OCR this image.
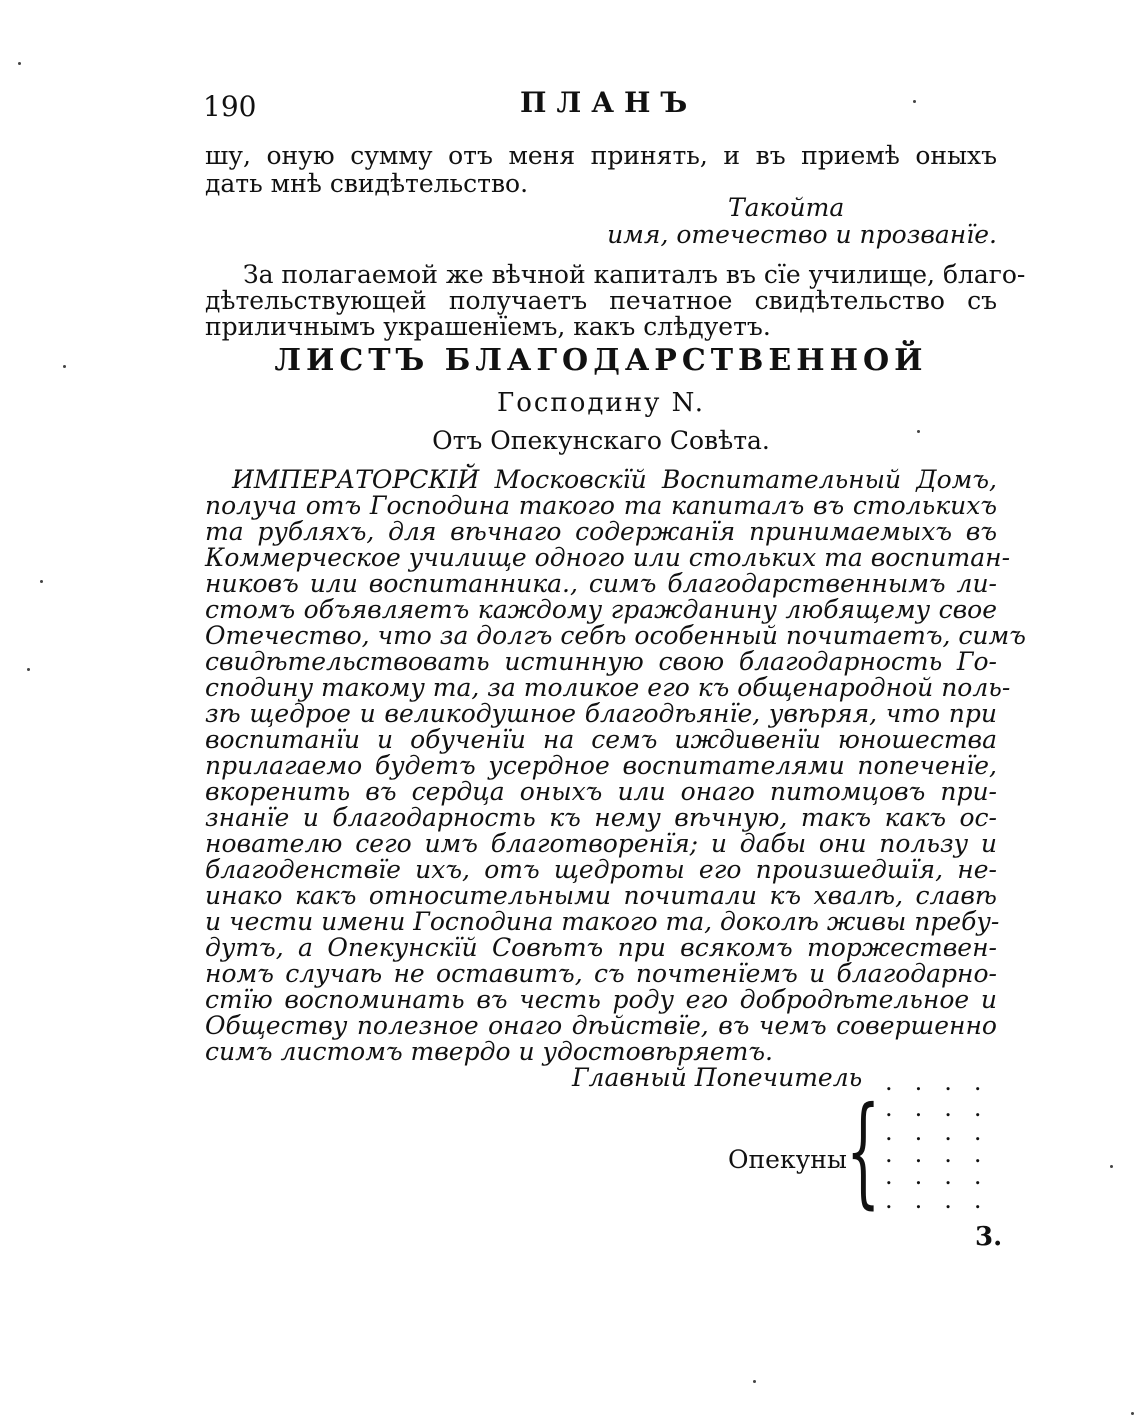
190	ПЛАНЪ
шу, оную сумму отъ меня принять, и въ приемѣ оныхъ
дать мнѣ свидѣтельство.
Такойта
имя, отечество и прозванїе.
За полагаемой же вѣчной капиталъ въ сїе училище, благо-
дѣтельствующей получаетъ печатное свидѣтельство съ
приличнымъ украшенїемъ, какъ слѣдуетъ.
ЛИСТЪ БЛАГОДАРСТВЕННОЙ
Господину N.
Отъ Опекунскаго Совѣта.
ИМПЕРАТОРСКIЙ Московскїй Воспитательный Домъ,
получа отъ Господина такого та капиталъ въ столькихъ
та рубляхъ, для вѣчнаго содержанїя принимаемыхъ въ
Коммерческое училище одного или стольких та воспитан-
никовъ или воспитанника., симъ благодарственнымъ ли-
стомъ объявляетъ каждому гражданину любящему свое
Отечество, что за долгъ себѣ особенный почитаетъ, симъ
свидѣтельствовать истинную свою благодарность Го-
сподину такому та, за толикое его къ общенародной поль-
зѣ щедрое и великодушное благодѣянїе, увѣряя, что при
воспитанїи и обученїи на семъ иждивенїи юношества
прилагаемо будетъ усердное воспитателями попеченїе,
вкоренить въ сердца оныхъ или онаго питомцовъ при-
знанїе и благодарность къ нему вѣчную, такъ какъ ос-
нователю сего имъ благотворенїя; и дабы они пользу и
благоденствїе ихъ, отъ щедроты его произшедшїя, не-
инако какъ относительными почитали къ хвалѣ, славѣ
и чести имени Господина такого та, доколѣ живы пребу-
дутъ, а Опекунскїй Совѣтъ при всякомъ торжествен-
номъ случаѣ не оставитъ, съ почтенїемъ и благодарно-
стїю воспоминать въ честь роду его добродѣтельное и
Обществу полезное онаго дѣйствїе, въ чемъ совершенно
симъ листомъ твердо и удостовѣряетъ.
Главный Попечитель ....
....
....
....
....
....
Опекуны {
3.
